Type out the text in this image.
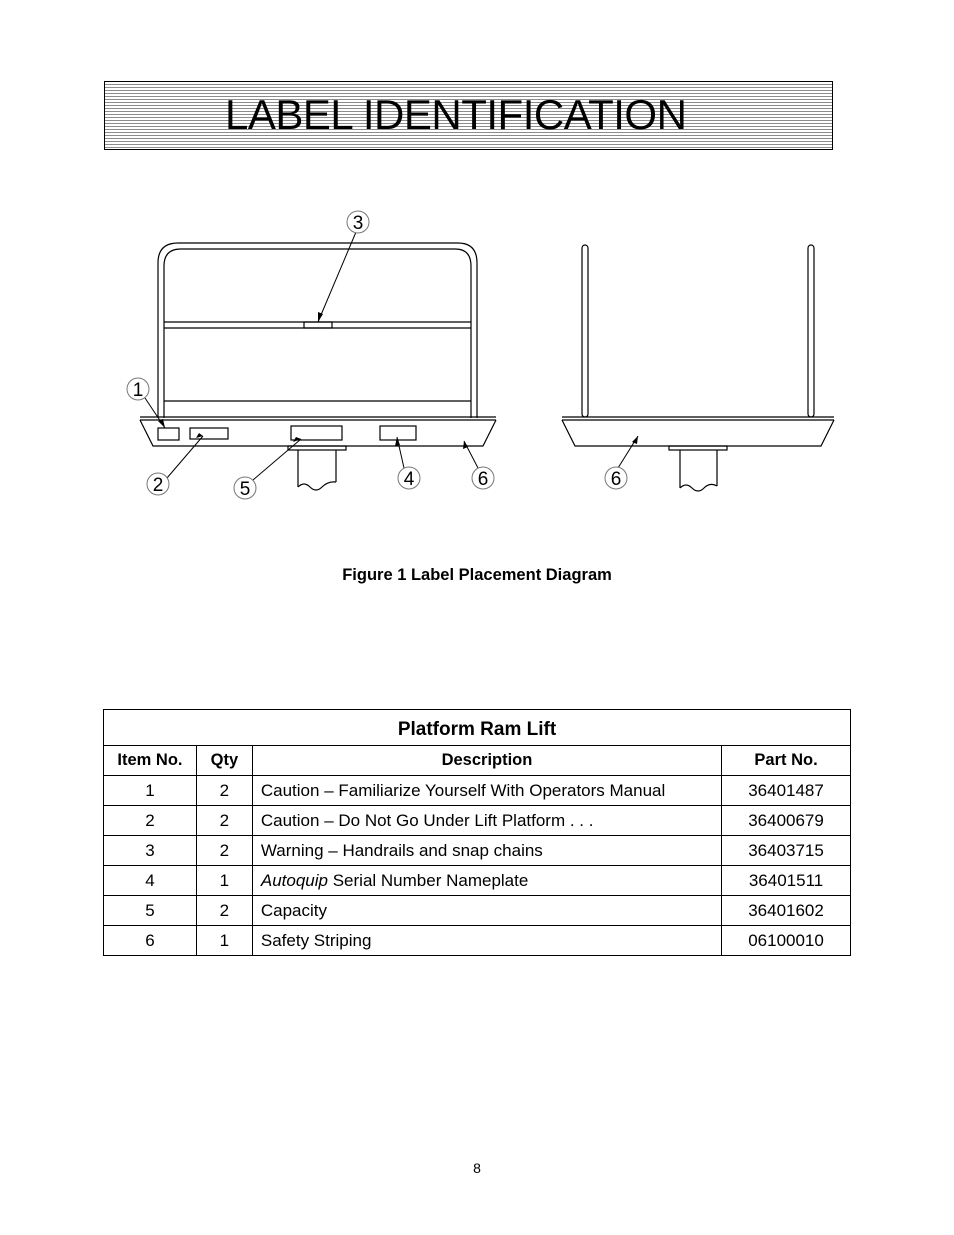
LABEL IDENTIFICATION
3
1
2	5	4	6	6
Figure 1 Label Placement Diagram
Platform Ram Lift			
Item No.	Qty	Description	Part No.
1	2	Caution – Familiarize Yourself With Operators Manual	36401487
2	2	Caution – Do Not Go Under Lift Platform . . .	36400679
3	2	Warning – Handrails and snap chains	36403715
4	1	Autoquip Serial Number Nameplate	36401511
5	2	Capacity	36401602
6	1	Safety Striping	06100010
8
